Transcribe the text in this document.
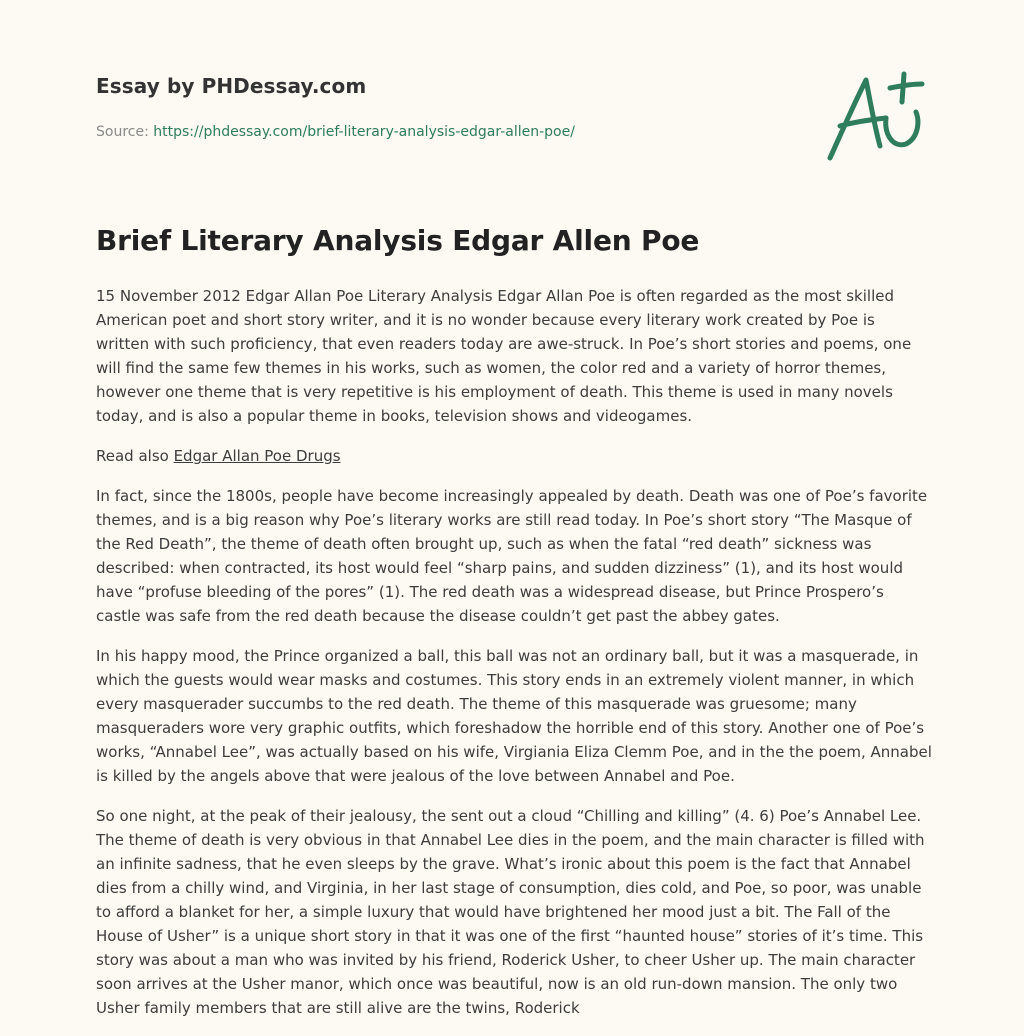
Essay by PHDessay.com

Source: https://phdessay.com/brief-literary-analysis-edgar-allen-poe/

Brief Literary Analysis Edgar Allen Poe

15 November 2012 Edgar Allan Poe Literary Analysis Edgar Allan Poe is often regarded as the most skilled American poet and short story writer, and it is no wonder because every literary work created by Poe is written with such proficiency, that even readers today are awe-struck. In Poe’s short stories and poems, one will find the same few themes in his works, such as women, the color red and a variety of horror themes, however one theme that is very repetitive is his employment of death. This theme is used in many novels today, and is also a popular theme in books, television shows and videogames.

Read also Edgar Allan Poe Drugs

In fact, since the 1800s, people have become increasingly appealed by death. Death was one of Poe’s favorite themes, and is a big reason why Poe’s literary works are still read today. In Poe’s short story “The Masque of the Red Death”, the theme of death often brought up, such as when the fatal “red death” sickness was described: when contracted, its host would feel “sharp pains, and sudden dizziness” (1), and its host would have “profuse bleeding of the pores” (1). The red death was a widespread disease, but Prince Prospero’s castle was safe from the red death because the disease couldn’t get past the abbey gates.

In his happy mood, the Prince organized a ball, this ball was not an ordinary ball, but it was a masquerade, in which the guests would wear masks and costumes. This story ends in an extremely violent manner, in which every masquerader succumbs to the red death. The theme of this masquerade was gruesome; many masqueraders wore very graphic outfits, which foreshadow the horrible end of this story. Another one of Poe’s works, “Annabel Lee”, was actually based on his wife, Virgiania Eliza Clemm Poe, and in the the poem, Annabel is killed by the angels above that were jealous of the love between Annabel and Poe.

So one night, at the peak of their jealousy, the sent out a cloud “Chilling and killing” (4. 6) Poe’s Annabel Lee. The theme of death is very obvious in that Annabel Lee dies in the poem, and the main character is filled with an infinite sadness, that he even sleeps by the grave. What’s ironic about this poem is the fact that Annabel dies from a chilly wind, and Virginia, in her last stage of consumption, dies cold, and Poe, so poor, was unable to afford a blanket for her, a simple luxury that would have brightened her mood just a bit. The Fall of the House of Usher” is a unique short story in that it was one of the first “haunted house” stories of it’s time. This story was about a man who was invited by his friend, Roderick Usher, to cheer Usher up. The main character soon arrives at the Usher manor, which once was beautiful, now is an old run-down mansion. The only two Usher family members that are still alive are the twins, Roderick
